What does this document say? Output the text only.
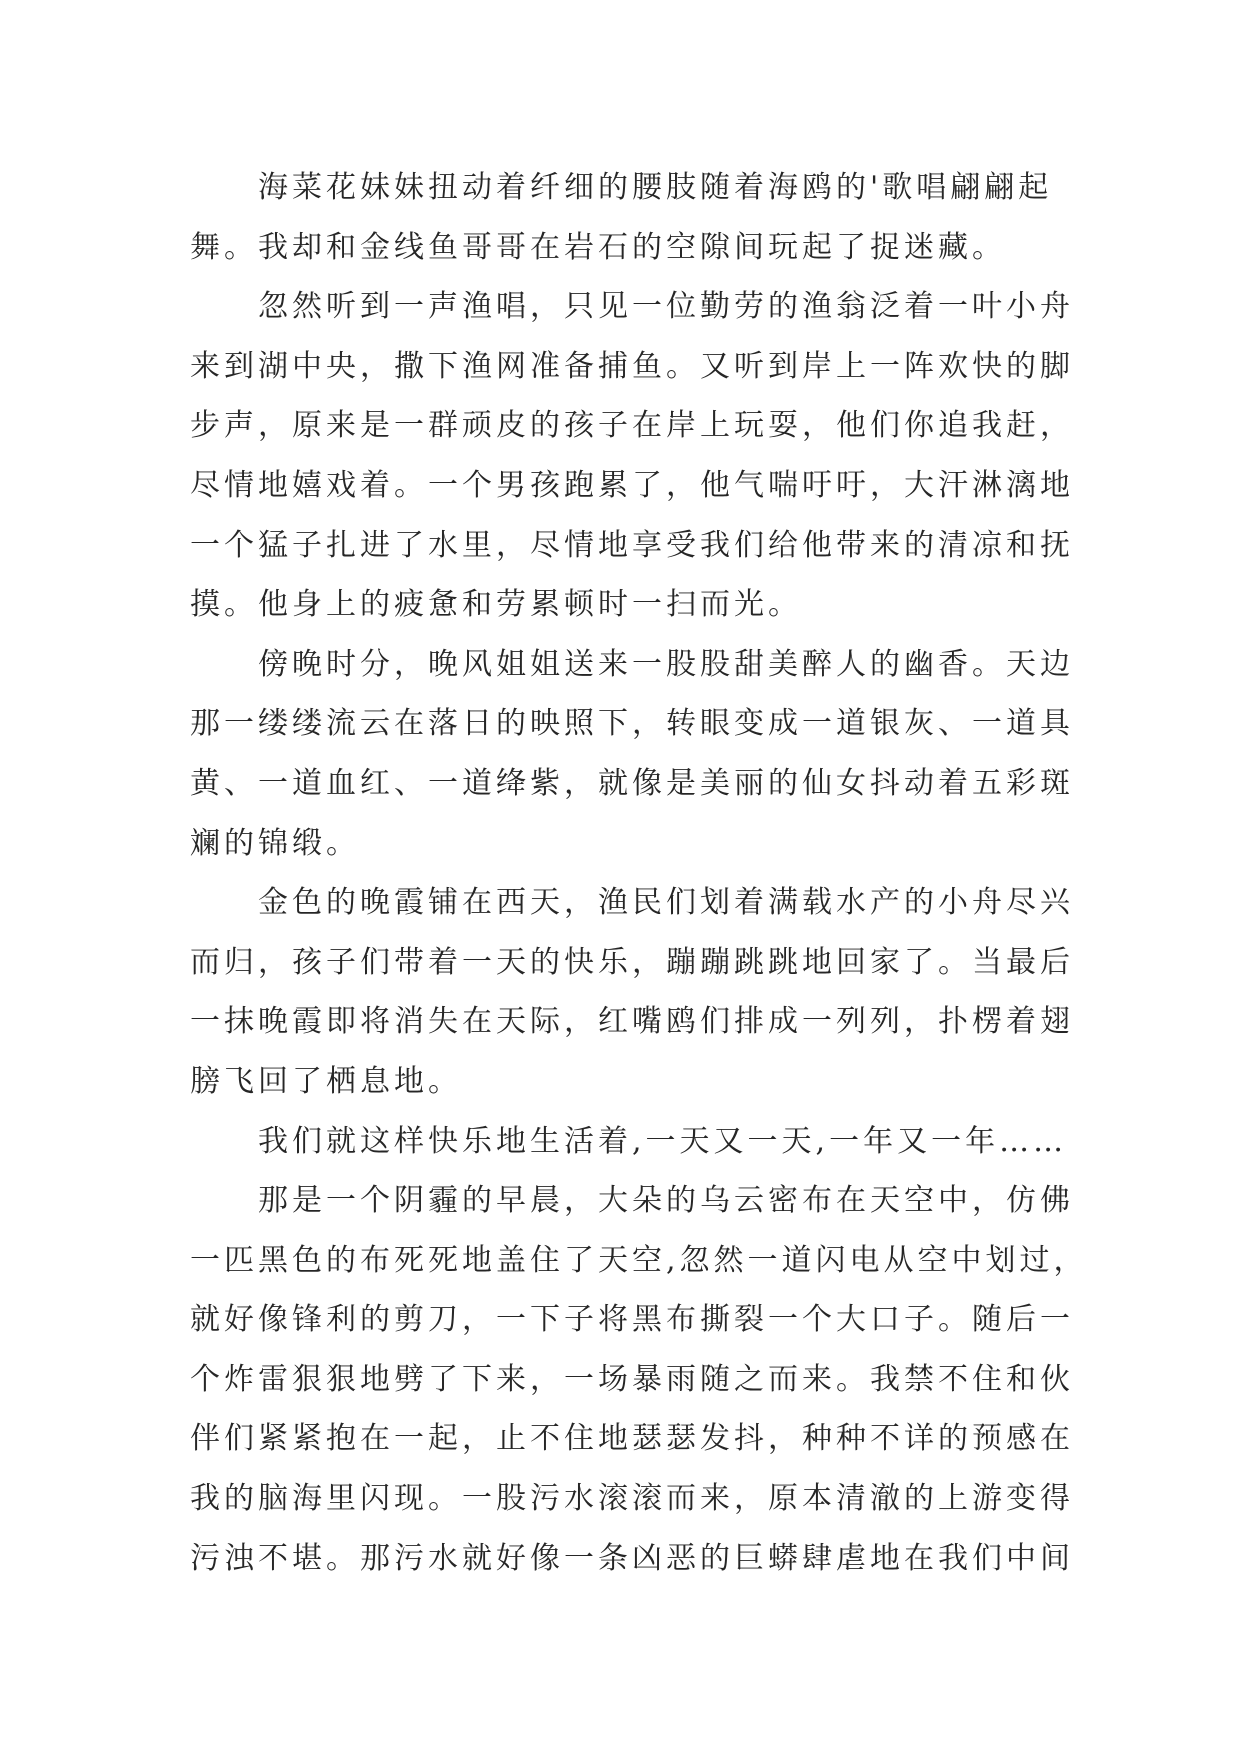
海菜花妹妹扭动着纤细的腰肢随着海鸥的'歌唱翩翩起
舞。我却和金线鱼哥哥在岩石的空隙间玩起了捉迷藏。
忽然听到一声渔唱，只见一位勤劳的渔翁泛着一叶小舟
来到湖中央，撒下渔网准备捕鱼。又听到岸上一阵欢快的脚
步声，原来是一群顽皮的孩子在岸上玩耍，他们你追我赶，
尽情地嬉戏着。一个男孩跑累了，他气喘吁吁，大汗淋漓地
一个猛子扎进了水里，尽情地享受我们给他带来的清凉和抚
摸。他身上的疲惫和劳累顿时一扫而光。
傍晚时分，晚风姐姐送来一股股甜美醉人的幽香。天边
那一缕缕流云在落日的映照下，转眼变成一道银灰、一道具
黄、一道血红、一道绛紫，就像是美丽的仙女抖动着五彩斑
斓的锦缎。
金色的晚霞铺在西天，渔民们划着满载水产的小舟尽兴
而归，孩子们带着一天的快乐，蹦蹦跳跳地回家了。当最后
一抹晚霞即将消失在天际，红嘴鸥们排成一列列，扑楞着翅
膀飞回了栖息地。
我们就这样快乐地生活着,一天又一天,一年又一年……
那是一个阴霾的早晨，大朵的乌云密布在天空中，仿佛
一匹黑色的布死死地盖住了天空,忽然一道闪电从空中划过，
就好像锋利的剪刀，一下子将黑布撕裂一个大口子。随后一
个炸雷狠狠地劈了下来，一场暴雨随之而来。我禁不住和伙
伴们紧紧抱在一起，止不住地瑟瑟发抖，种种不详的预感在
我的脑海里闪现。一股污水滚滚而来，原本清澈的上游变得
污浊不堪。那污水就好像一条凶恶的巨蟒肆虐地在我们中间
